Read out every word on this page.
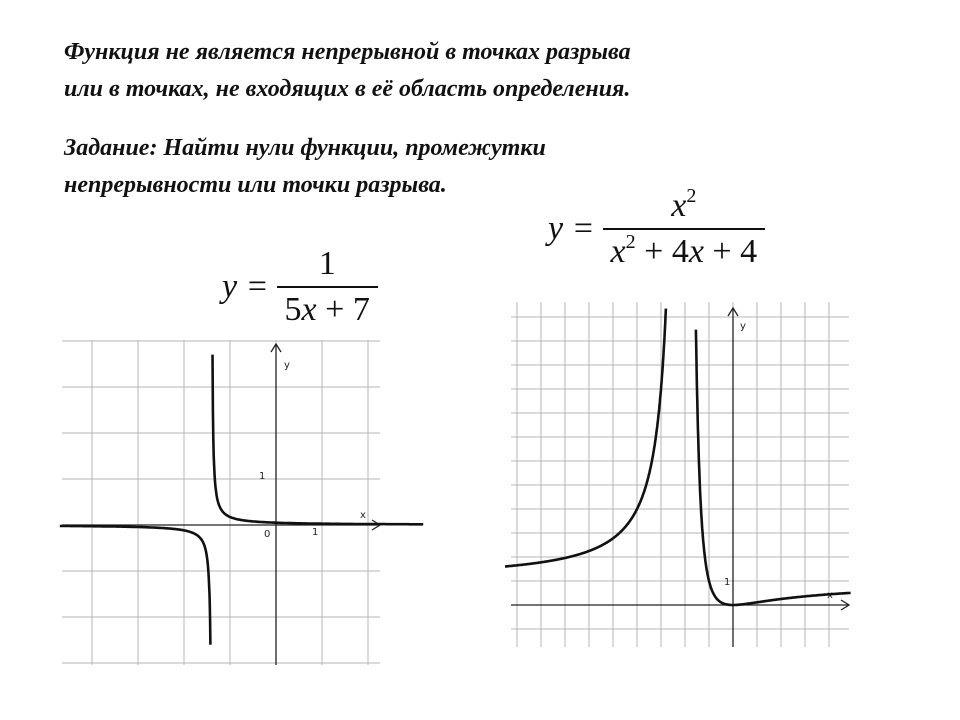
Функция не является непрерывной в точках разрыва
или в точках, не входящих в её область определения.
Задание: Найти нули функции, промежутки
непрерывности или точки разрыва.
$y = \frac{1}{5x + 7}$
$y = \frac{x^2}{x^2 + 4x + 4}$
y
x
0	1
1
y
x
1
